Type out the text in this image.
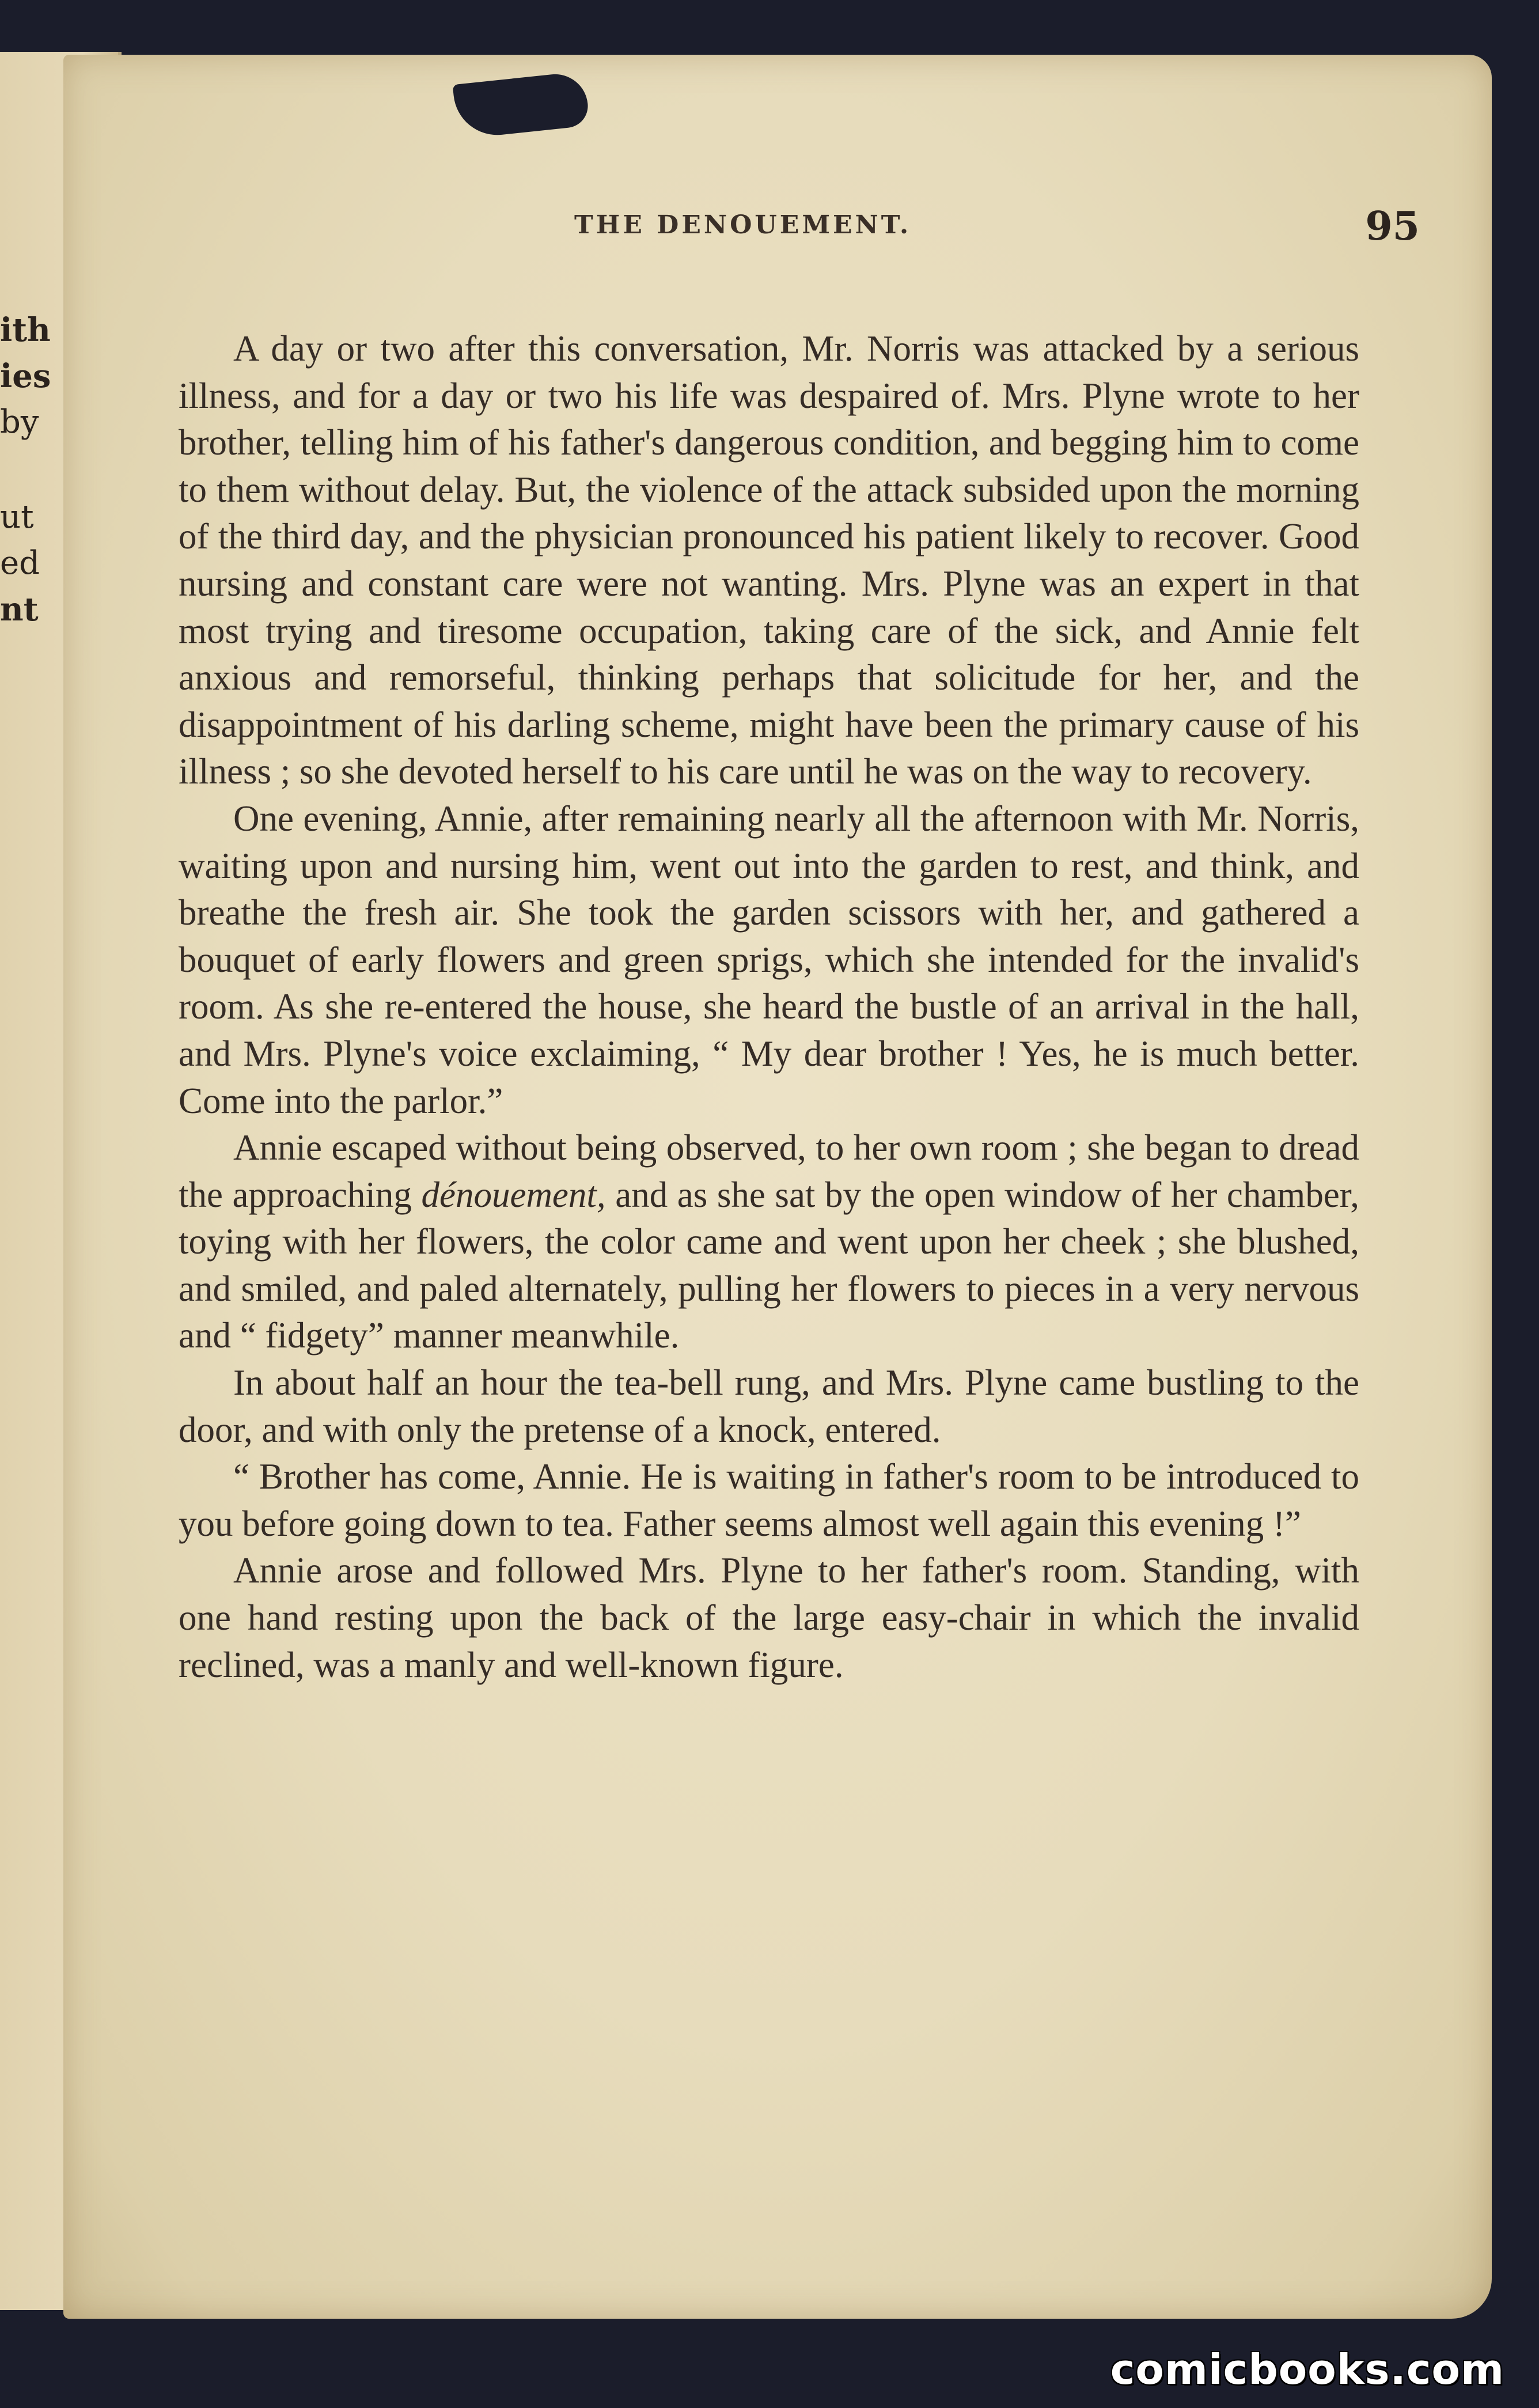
ith
ies
by
ut
ed
nt
THE DENOUEMENT.	95

A day or two after this conversation, Mr. Norris was attacked by a serious illness, and for a day or two his life was despaired of. Mrs. Plyne wrote to her brother, telling him of his father's dangerous condition, and begging him to come to them without delay. But, the violence of the attack subsided upon the morning of the third day, and the physician pronounced his patient likely to recover. Good nursing and constant care were not wanting. Mrs. Plyne was an expert in that most trying and tiresome occupation, taking care of the sick, and Annie felt anxious and remorseful, thinking perhaps that solicitude for her, and the disappointment of his darling scheme, might have been the primary cause of his illness ; so she devoted herself to his care until he was on the way to recovery.

One evening, Annie, after remaining nearly all the afternoon with Mr. Norris, waiting upon and nursing him, went out into the garden to rest, and think, and breathe the fresh air. She took the garden scissors with her, and gathered a bouquet of early flowers and green sprigs, which she intended for the invalid's room. As she re-entered the house, she heard the bustle of an arrival in the hall, and Mrs. Plyne's voice exclaiming, “ My dear brother ! Yes, he is much better. Come into the parlor.”

Annie escaped without being observed, to her own room ; she began to dread the approaching dénouement, and as she sat by the open window of her chamber, toying with her flowers, the color came and went upon her cheek ; she blushed, and smiled, and paled alternately, pulling her flowers to pieces in a very nervous and “ fidgety” manner meanwhile.

In about half an hour the tea-bell rung, and Mrs. Plyne came bustling to the door, and with only the pretense of a knock, entered.

“ Brother has come, Annie. He is waiting in father's room to be introduced to you before going down to tea. Father seems almost well again this evening !”

Annie arose and followed Mrs. Plyne to her father's room. Standing, with one hand resting upon the back of the large easy-chair in which the invalid reclined, was a manly and well-known figure.

comicbooks.com
